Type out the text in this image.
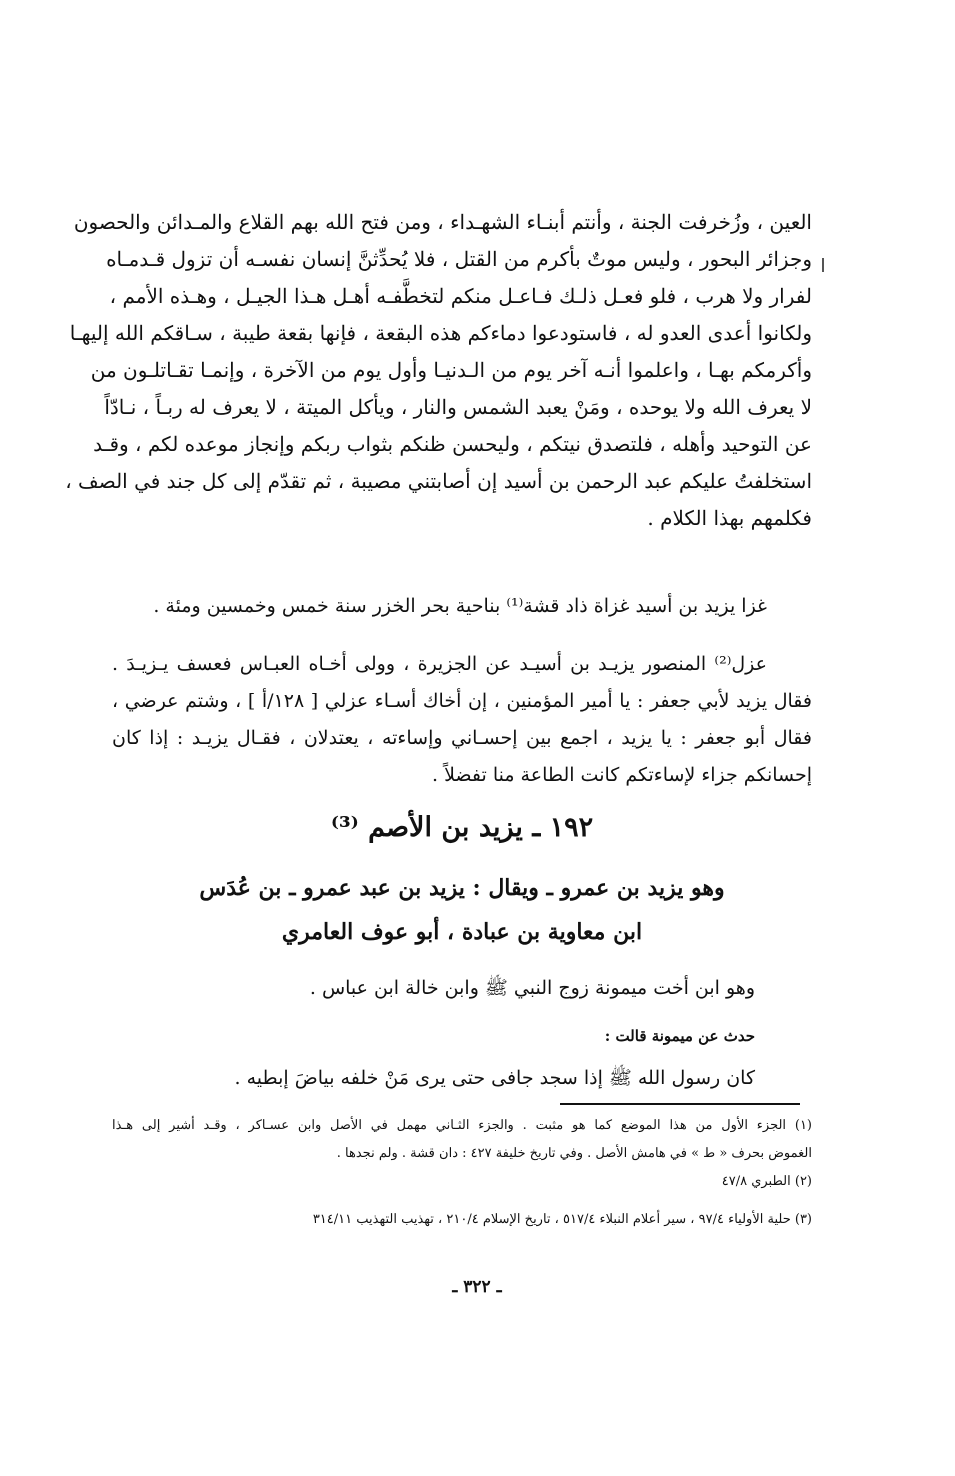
العين ، وزُخرفت الجنة ، وأنتم أبنـاء الشهـداء ، ومن فتح الله بهم القلاع والمـدائن والحصون
وجزائر البحور ، وليس موتٌ بأكرم من القتل ، فلا يُحدِّثنَّ إنسان نفسـه أن تزول قـدمـاه
لفرار ولا هرب ، فلو فعـل ذلـك فـاعـل منكم لتخطَّفـه أهـل هـذا الجيـل ، وهـذه الأمم ،
ولكانوا أعدى العدو له ، فاستودعوا دماءكم هذه البقعة ، فإنها بقعة طيبة ، سـاقكم الله إليهـا
وأكرمكم بهـا ، واعلموا أنـه آخر يوم من الـدنيـا وأول يوم من الآخرة ، وإنمـا تقـاتلـون من
لا يعرف الله ولا يوحده ، ومَنْ يعبد الشمس والنار ، ويأكل الميتة ، لا يعرف له ربـاً ، نـادّاً
عن التوحيد وأهله ، فلتصدق نيتكم ، وليحسن ظنكم بثواب ربكم وإنجاز موعده لكم ، وقـد
استخلفتُ عليكم عبد الرحمن بن أسيد إن أصابتني مصيبة ، ثم تقدّم إلى كل جند في الصف ،
فكلمهم بهذا الكلام .
غزا يزيد بن أسيد غزاة ذاد قشة⁽¹⁾ بناحية بحر الخزر سنة خمس وخمسين ومئة .
عزل⁽²⁾ المنصور يزيـد بن أسيـد عن الجزيرة ، وولى أخـاه العبـاس فعسف يـزيـدَ .
فقال يزيد لأبي جعفر : يا أمير المؤمنين ، إن أخاك أسـاء عزلي [ ١٢٨/أ ] ، وشتم عرضي ،
فقال أبو جعفر : يا يزيد ، اجمع بين إحسـاني وإساءته ، يعتدلان ، فقـال يزيـد : إذا كان
إحسانكم جزاء لإساءتكم كانت الطاعة منا تفضلاً .
١٩٢ ـ يزيد بن الأصم ⁽³⁾
وهو يزيد بن عمرو ـ ويقال : يزيد بن عبد عمرو ـ بن عُدَس
ابن معاوية بن عبادة ، أبو عوف العامري
وهو ابن أخت ميمونة زوج النبي ﷺ وابن خالة ابن عباس .
حدث عن ميمونة قالت :
كان رسول الله ﷺ إذا سجد جافى حتى يرى مَنْ خلفه بياضَ إبطيه .
(١) الجزء الأول من هذا الموضع كما هو مثبت . والجزء الثـاني مهمل في الأصل وابن عسـاكر ، وقـد أشير إلى هـذا
الغموض بحرف « ط » في هامش الأصل . وفي تاريخ خليفة ٤٢٧ : دان قشة . ولم نجدها .
(٢) الطبري ٤٧/٨
(٣) حلية الأولياء ٩٧/٤ ، سير أعلام النبلاء ٥١٧/٤ ، تاريخ الإسلام ٢١٠/٤ ، تهذيب التهذيب ٣١٤/١١
ـ ٣٢٢ ـ
